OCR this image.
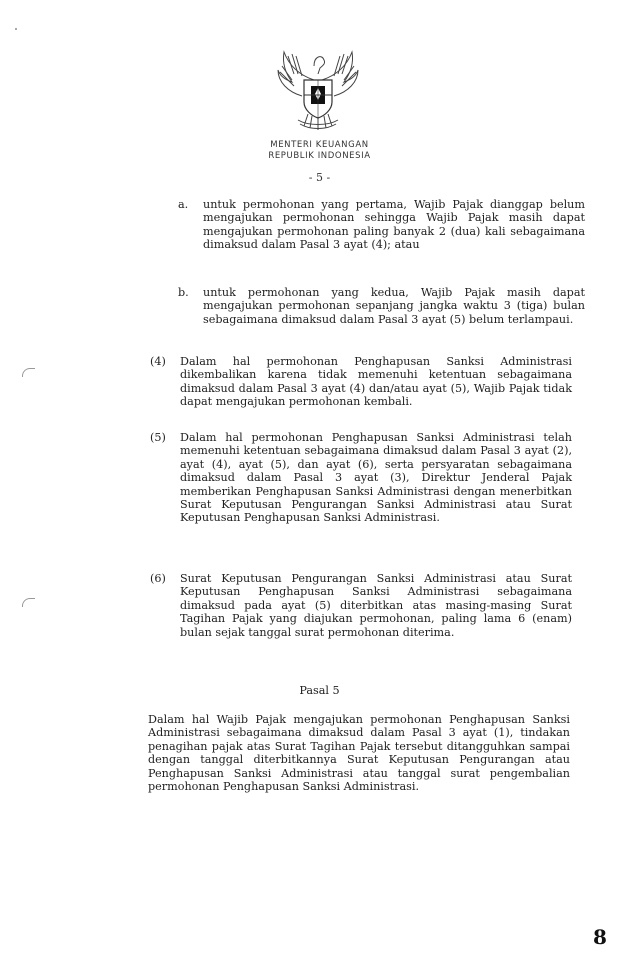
MENTERI KEUANGAN
REPUBLIK INDONESIA
- 5 -
a.	untuk permohonan yang pertama, Wajib Pajak dianggap belum mengajukan permohonan sehingga Wajib Pajak masih dapat mengajukan permohonan paling banyak 2 (dua) kali sebagaimana dimaksud dalam Pasal 3 ayat (4); atau
b.	untuk permohonan yang kedua, Wajib Pajak masih dapat mengajukan permohonan sepanjang jangka waktu 3 (tiga) bulan sebagaimana dimaksud dalam Pasal 3 ayat (5) belum terlampaui.
(4) Dalam hal permohonan Penghapusan Sanksi Administrasi dikembalikan karena tidak memenuhi ketentuan sebagaimana dimaksud dalam Pasal 3 ayat (4) dan/atau ayat (5), Wajib Pajak tidak dapat mengajukan permohonan kembali.
(5) Dalam hal permohonan Penghapusan Sanksi Administrasi telah memenuhi ketentuan sebagaimana dimaksud dalam Pasal 3 ayat (2), ayat (4), ayat (5), dan ayat (6), serta persyaratan sebagaimana dimaksud dalam Pasal 3 ayat (3), Direktur Jenderal Pajak memberikan Penghapusan Sanksi Administrasi dengan menerbitkan Surat Keputusan Pengurangan Sanksi Administrasi atau Surat Keputusan Penghapusan Sanksi Administrasi.
(6) Surat Keputusan Pengurangan Sanksi Administrasi atau Surat Keputusan Penghapusan Sanksi Administrasi sebagaimana dimaksud pada ayat (5) diterbitkan atas masing-masing Surat Tagihan Pajak yang diajukan permohonan, paling lama 6 (enam) bulan sejak tanggal surat permohonan diterima.
Pasal 5
Dalam hal Wajib Pajak mengajukan permohonan Penghapusan Sanksi Administrasi sebagaimana dimaksud dalam Pasal 3 ayat (1), tindakan penagihan pajak atas Surat Tagihan Pajak tersebut ditangguhkan sampai dengan tanggal diterbitkannya Surat Keputusan Pengurangan atau Penghapusan Sanksi Administrasi atau tanggal surat pengembalian permohonan Penghapusan Sanksi Administrasi.
8
